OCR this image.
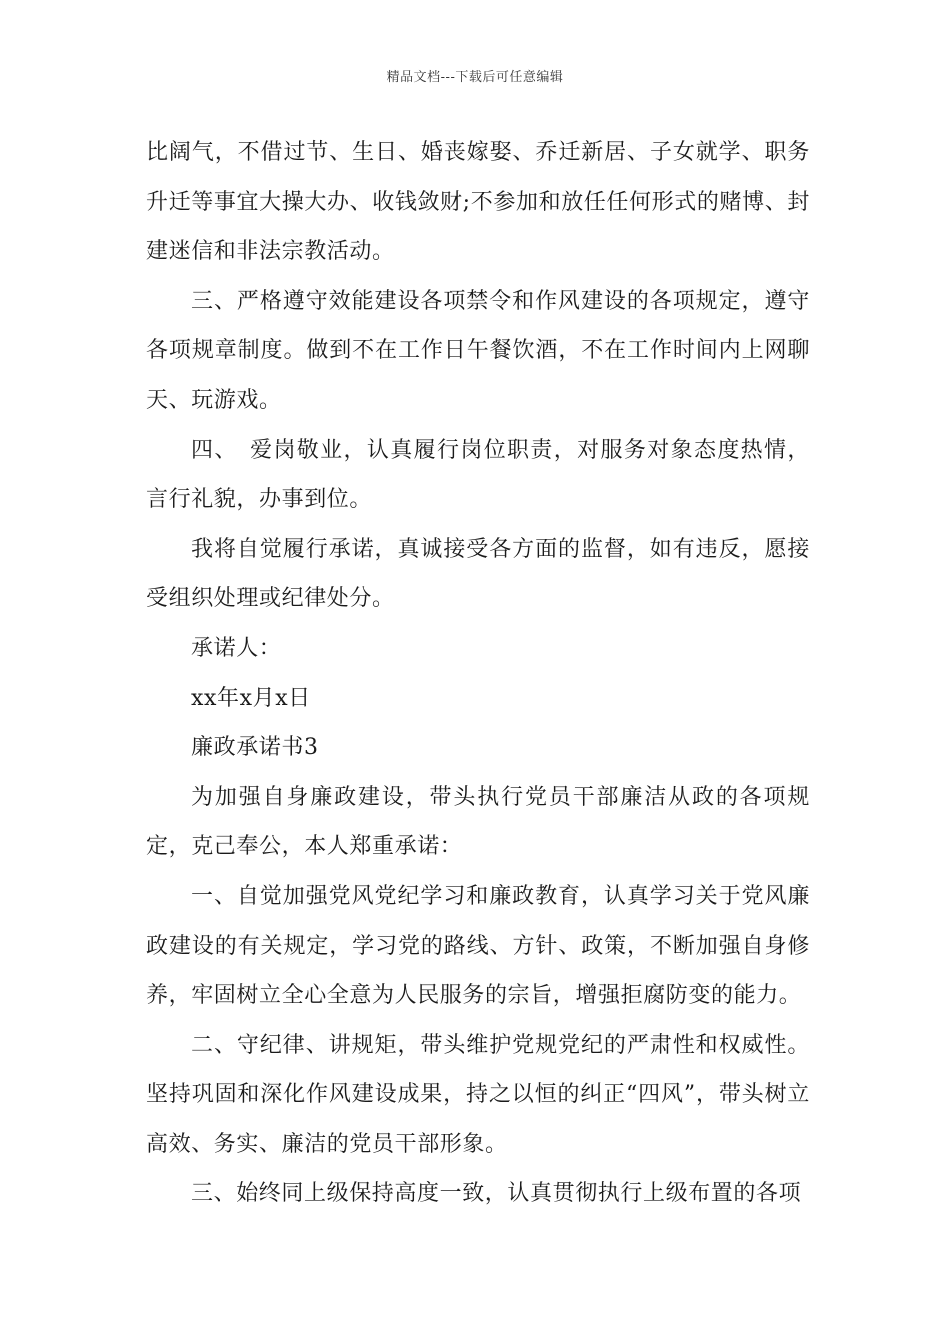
精品文档---下载后可任意编辑

比阔气，不借过节、生日、婚丧嫁娶、乔迁新居、子女就学、职务升迁等事宜大操大办、收钱敛财;不参加和放任任何形式的赌博、封建迷信和非法宗教活动。

三、严格遵守效能建设各项禁令和作风建设的各项规定，遵守各项规章制度。做到不在工作日午餐饮酒，不在工作时间内上网聊天、玩游戏。

四、　爱岗敬业，认真履行岗位职责，对服务对象态度热情，言行礼貌，办事到位。

我将自觉履行承诺，真诚接受各方面的监督，如有违反，愿接受组织处理或纪律处分。

承诺人：

xx年x月x日

廉政承诺书3

为加强自身廉政建设，带头执行党员干部廉洁从政的各项规定，克己奉公，本人郑重承诺：

一、自觉加强党风党纪学习和廉政教育，认真学习关于党风廉政建设的有关规定，学习党的路线、方针、政策，不断加强自身修养，牢固树立全心全意为人民服务的宗旨，增强拒腐防变的能力。

二、守纪律、讲规矩，带头维护党规党纪的严肃性和权威性。坚持巩固和深化作风建设成果，持之以恒的纠正“四风”，带头树立高效、务实、廉洁的党员干部形象。

三、始终同上级保持高度一致，认真贯彻执行上级布置的各项
